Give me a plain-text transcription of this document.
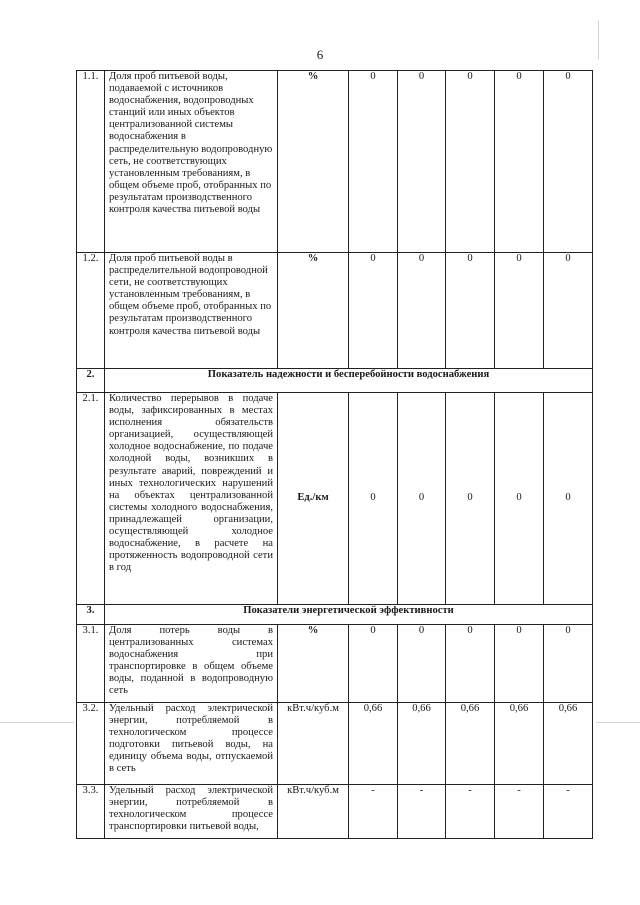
6
1.1.	Доля проб питьевой воды, подаваемой с источников водоснабжения, водопроводных станций или иных объектов централизованной системы водоснабжения в распределительную водопроводную сеть, не соответствующих установленным требованиям, в общем объеме проб, отобранных по результатам производственного контроля качества питьевой воды	%	0	0	0	0	0
1.2.	Доля проб питьевой воды в распределительной водопроводной сети, не соответствующих установленным требованиям, в общем объеме проб, отобранных по результатам производственного контроля качества питьевой воды	%	0	0	0	0	0
2.	Показатель надежности и бесперебойности водоснабжения						
2.1.	Количество перерывов в подаче воды, зафиксированных в местах исполнения обязательств организацией, осуществляющей холодное водоснабжение, по подаче холодной воды, возникших в результате аварий, повреждений и иных технологических нарушений на объектах централизованной системы холодного водоснабжения, принадлежащей организации, осуществляющей холодное водоснабжение, в расчете на протяженность водопроводной сети в год	Ед./км	0	0	0	0	0
3.	Показатели энергетической эффективности						
3.1.	Доля потерь воды в централизованных системах водоснабжения при транспортировке в общем объеме воды, поданной в водопроводную сеть	%	0	0	0	0	0
3.2.	Удельный расход электрической энергии, потребляемой в технологическом процессе подготовки питьевой воды, на единицу объема воды, отпускаемой в сеть	кВт.ч/куб.м	0,66	0,66	0,66	0,66	0,66
3.3.	Удельный расход электрической энергии, потребляемой в технологическом процессе транспортировки питьевой воды,	кВт.ч/куб.м	-	-	-	-	-
